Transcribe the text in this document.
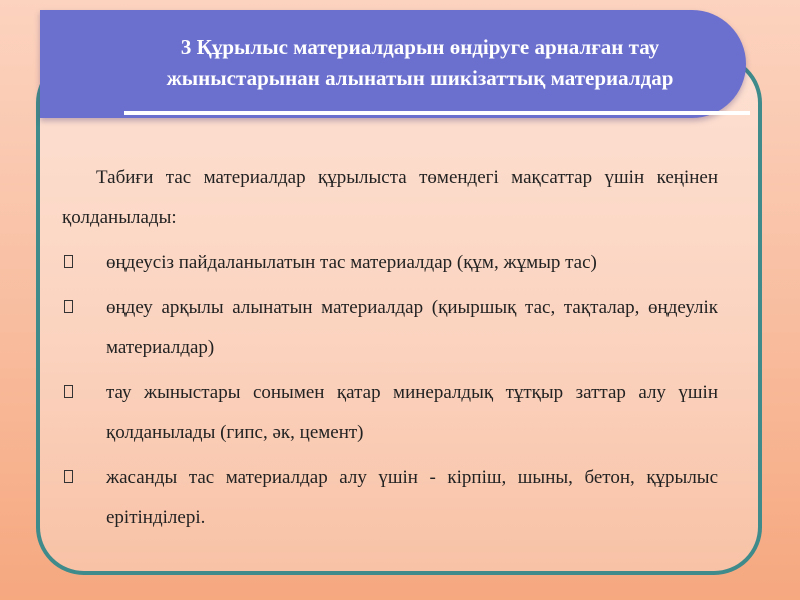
3 Құрылыс материалдарын өндіруге арналған тау
жыныстарынан алынатын шикізаттық материалдар

Табиғи тас материалдар құрылыста төмендегі мақсаттар үшін кеңінен қолданылады:

өңдеусіз пайдаланылатын тас материалдар (құм, жұмыр тас)
өңдеу арқылы алынатын материалдар (қиыршық тас, тақталар, өңдеулік материалдар)
тау жыныстары сонымен қатар минералдық тұтқыр заттар алу үшін қолданылады (гипс, әк, цемент)
жасанды тас материалдар алу үшін - кірпіш, шыны, бетон, құрылыс ерітінділері.
